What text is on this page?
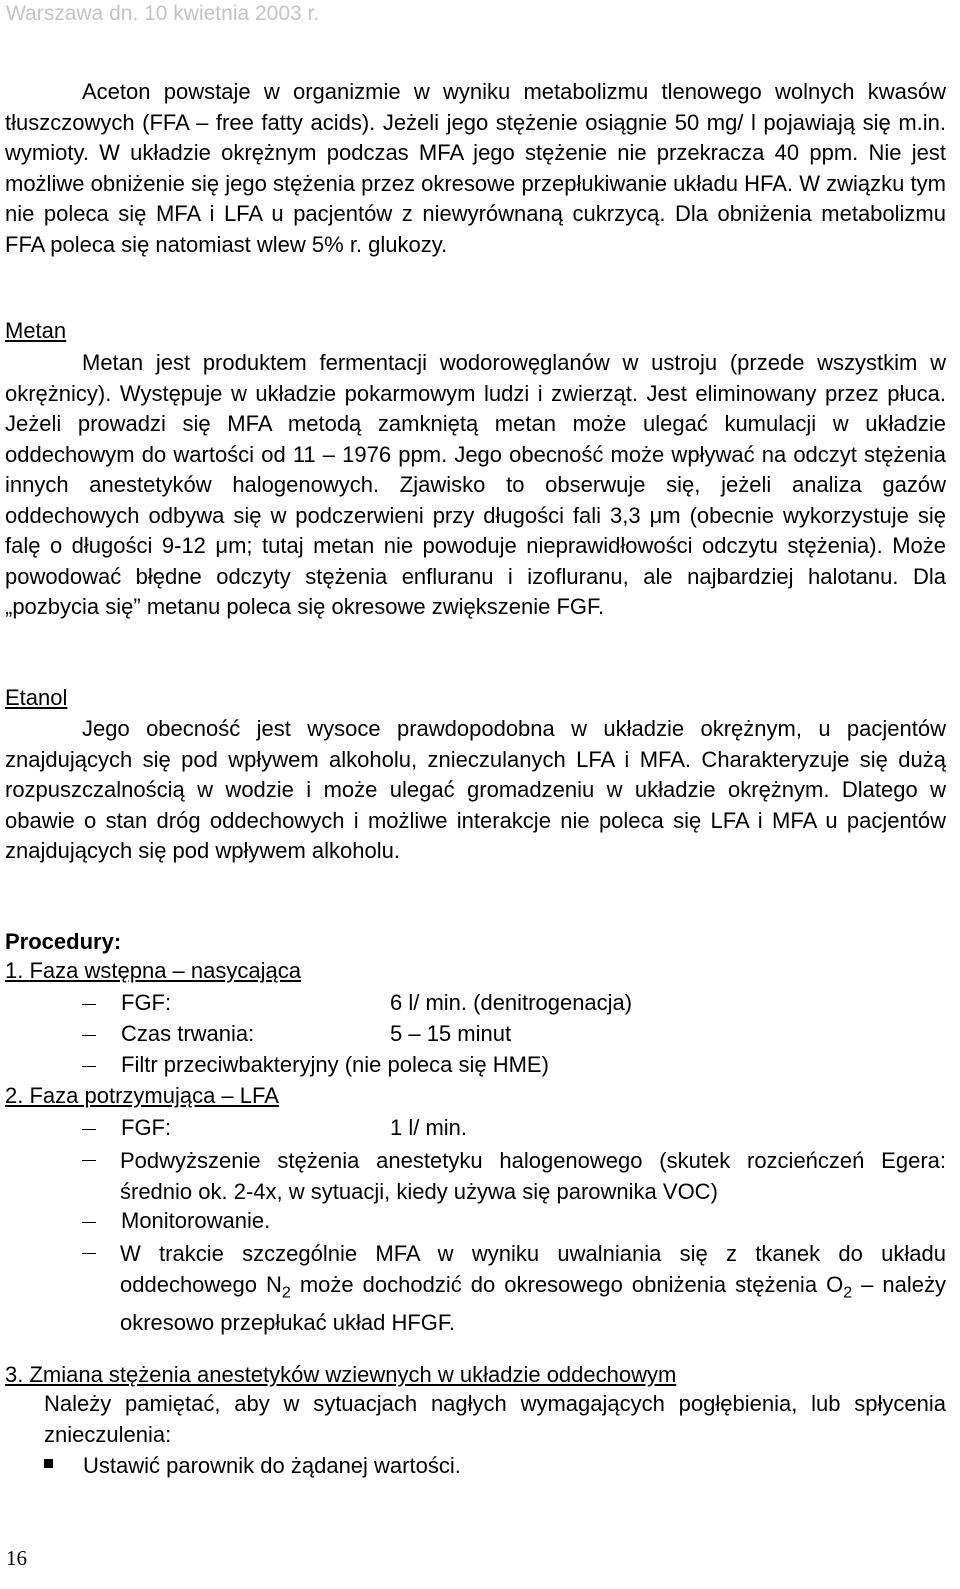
Warszawa dn. 10 kwietnia 2003 r.

Aceton powstaje w organizmie w wyniku metabolizmu tlenowego wolnych kwasów tłuszczowych (FFA – free fatty acids). Jeżeli jego stężenie osiągnie 50 mg/ l pojawiają się m.in. wymioty. W układzie okrężnym podczas MFA jego stężenie nie przekracza 40 ppm. Nie jest możliwe obniżenie się jego stężenia przez okresowe przepłukiwanie układu HFA. W związku tym nie poleca się MFA i LFA u pacjentów z niewyrównaną cukrzycą. Dla obniżenia metabolizmu FFA poleca się natomiast wlew 5% r. glukozy.

Metan

Metan jest produktem fermentacji wodorowęglanów w ustroju (przede wszystkim w okrężnicy). Występuje w układzie pokarmowym ludzi i zwierząt. Jest eliminowany przez płuca. Jeżeli prowadzi się MFA metodą zamkniętą metan może ulegać kumulacji w układzie oddechowym do wartości od 11 – 1976 ppm. Jego obecność może wpływać na odczyt stężenia innych anestetyków halogenowych. Zjawisko to obserwuje się, jeżeli analiza gazów oddechowych odbywa się w podczerwieni przy długości fali 3,3 μm (obecnie wykorzystuje się falę o długości 9-12 μm; tutaj metan nie powoduje nieprawidłowości odczytu stężenia). Może powodować błędne odczyty stężenia enfluranu i izofluranu, ale najbardziej halotanu. Dla „pozbycia się” metanu poleca się okresowe zwiększenie FGF.

Etanol

Jego obecność jest wysoce prawdopodobna w układzie okrężnym, u pacjentów znajdujących się pod wpływem alkoholu, znieczulanych LFA i MFA. Charakteryzuje się dużą rozpuszczalnością w wodzie i może ulegać gromadzeniu w układzie okrężnym. Dlatego w obawie o stan dróg oddechowych i możliwe interakcje nie poleca się LFA i MFA u pacjentów znajdujących się pod wpływem alkoholu.

Procedury:
1. Faza wstępna – nasycająca
FGF:	6 l/ min. (denitrogenacja)
Czas trwania:	5 – 15 minut
Filtr przeciwbakteryjny (nie poleca się HME)
2. Faza potrzymująca – LFA
FGF:	1 l/ min.

Podwyższenie stężenia anestetyku halogenowego (skutek rozcieńczeń Egera: średnio ok. 2-4x, w sytuacji, kiedy używa się parownika VOC)

Monitorowanie.

W trakcie szczególnie MFA w wyniku uwalniania się z tkanek do układu oddechowego $N_2$ może dochodzić do okresowego obniżenia stężenia $O_2$ – należy okresowo przepłukać układ HFGF.

3. Zmiana stężenia anestetyków wziewnych w układzie oddechowym

Należy pamiętać, aby w sytuacjach nagłych wymagających pogłębienia, lub spłycenia znieczulenia:

Ustawić parownik do żądanej wartości.
16
